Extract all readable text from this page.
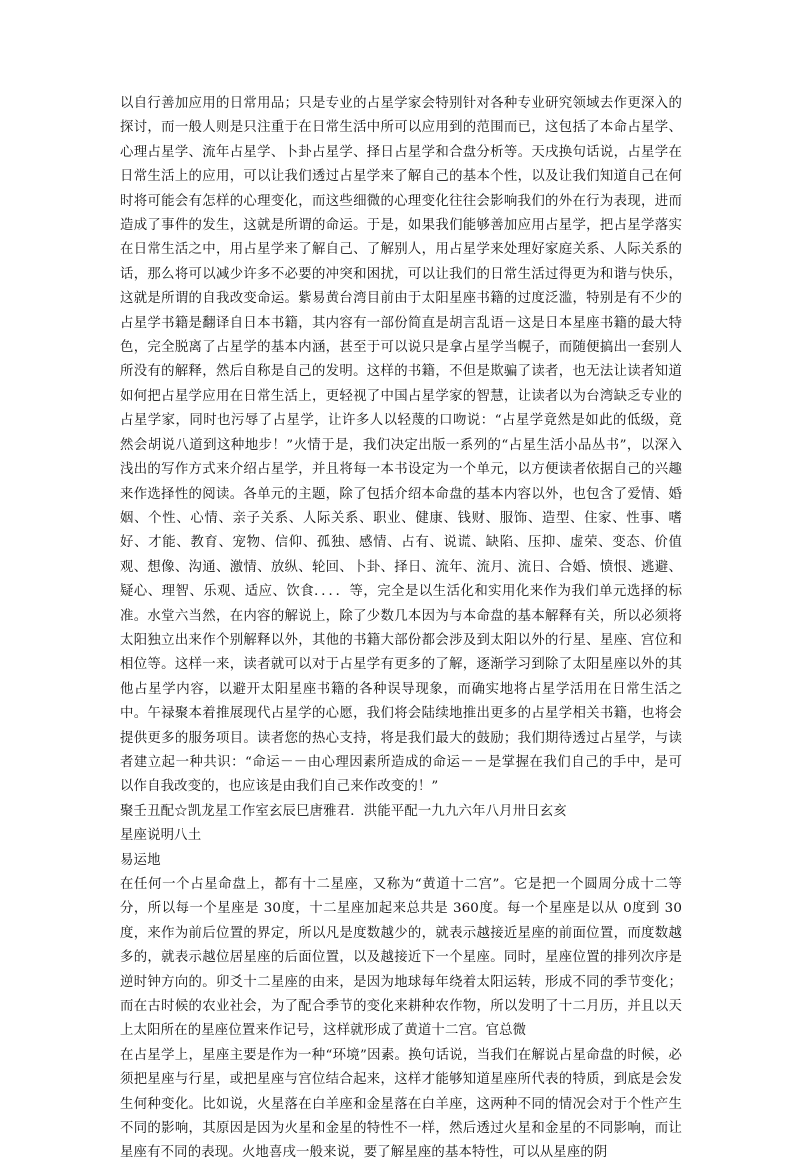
以自行善加应用的日常用品；只是专业的占星学家会特别针对各种专业研究领域去作更深入的探讨，而一般人则是只注重于在日常生活中所可以应用到的范围而已，这包括了本命占星学、心理占星学、流年占星学、卜卦占星学、择日占星学和合盘分析等。天戌换句话说，占星学在日常生活上的应用，可以让我们透过占星学来了解自己的基本个性，以及让我们知道自己在何时将可能会有怎样的心理变化，而这些细微的心理变化往往会影响我们的外在行为表现，进而造成了事件的发生，这就是所谓的命运。于是，如果我们能够善加应用占星学，把占星学落实在日常生活之中，用占星学来了解自己、了解别人，用占星学来处理好家庭关系、人际关系的话，那么将可以减少许多不必要的冲突和困扰，可以让我们的日常生活过得更为和谐与快乐，这就是所谓的自我改变命运。紫易黄台湾目前由于太阳星座书籍的过度泛滥，特别是有不少的占星学书籍是翻译自日本书籍，其内容有一部份简直是胡言乱语－这是日本星座书籍的最大特色，完全脱离了占星学的基本内涵，甚至于可以说只是拿占星学当幌子，而随便搞出一套别人所没有的解释，然后自称是自己的发明。这样的书籍，不但是欺骗了读者，也无法让读者知道如何把占星学应用在日常生活上，更轻视了中国占星学家的智慧，让读者以为台湾缺乏专业的占星学家，同时也污辱了占星学，让许多人以轻蔑的口吻说：“占星学竟然是如此的低级，竟然会胡说八道到这种地步！”火情于是，我们决定出版一系列的“占星生活小品丛书”，以深入浅出的写作方式来介绍占星学，并且将每一本书设定为一个单元，以方便读者依据自己的兴趣来作选择性的阅读。各单元的主题，除了包括介绍本命盘的基本内容以外，也包含了爱情、婚姻、个性、心情、亲子关系、人际关系、职业、健康、钱财、服饰、造型、住家、性事、嗜好、才能、教育、宠物、信仰、孤独、感情、占有、说谎、缺陷、压抑、虚荣、变态、价值观、想像、沟通、激情、放纵、轮回、卜卦、择日、流年、流月、流日、合婚、愤恨、逃避、疑心、理智、乐观、适应、饮食．．．．等，完全是以生活化和实用化来作为我们单元选择的标准。水堂六当然，在内容的解说上，除了少数几本因为与本命盘的基本解释有关，所以必须将太阳独立出来作个别解释以外，其他的书籍大部份都会涉及到太阳以外的行星、星座、宫位和相位等。这样一来，读者就可以对于占星学有更多的了解，逐渐学习到除了太阳星座以外的其他占星学内容，以避开太阳星座书籍的各种误导现象，而确实地将占星学活用在日常生活之中。午禄聚本着推展现代占星学的心愿，我们将会陆续地推出更多的占星学相关书籍，也将会提供更多的服务项目。读者您的热心支持，将是我们最大的鼓励；我们期待透过占星学，与读者建立起一种共识：“命运－－由心理因素所造成的命运－－是掌握在我们自己的手中，是可以作自我改变的，也应该是由我们自己来作改变的！”

聚壬丑配☆凯龙星工作室玄辰巳唐雅君．洪能平配一九九六年八月卅日玄亥

星座说明八土

易运地

在任何一个占星命盘上，都有十二星座，又称为“黄道十二宫”。它是把一个圆周分成十二等分，所以每一个星座是 30度，十二星座加起来总共是 360度。每一个星座是以从 0度到 30度，来作为前后位置的界定，所以凡是度数越少的，就表示越接近星座的前面位置，而度数越多的，就表示越位居星座的后面位置，以及越接近下一个星座。同时，星座位置的排列次序是逆时钟方向的。卯爻十二星座的由来，是因为地球每年绕着太阳运转，形成不同的季节变化；而在古时候的农业社会，为了配合季节的变化来耕种农作物，所以发明了十二月历，并且以天上太阳所在的星座位置来作记号，这样就形成了黄道十二宫。官总微

在占星学上，星座主要是作为一种“环境”因素。换句话说，当我们在解说占星命盘的时候，必须把星座与行星，或把星座与宫位结合起来，这样才能够知道星座所代表的特质，到底是会发生何种变化。比如说，火星落在白羊座和金星落在白羊座，这两种不同的情况会对于个性产生不同的影响，其原因是因为火星和金星的特性不一样，然后透过火星和金星的不同影响，而让星座有不同的表现。火地喜戌一般来说，要了解星座的基本特性，可以从星座的阴
